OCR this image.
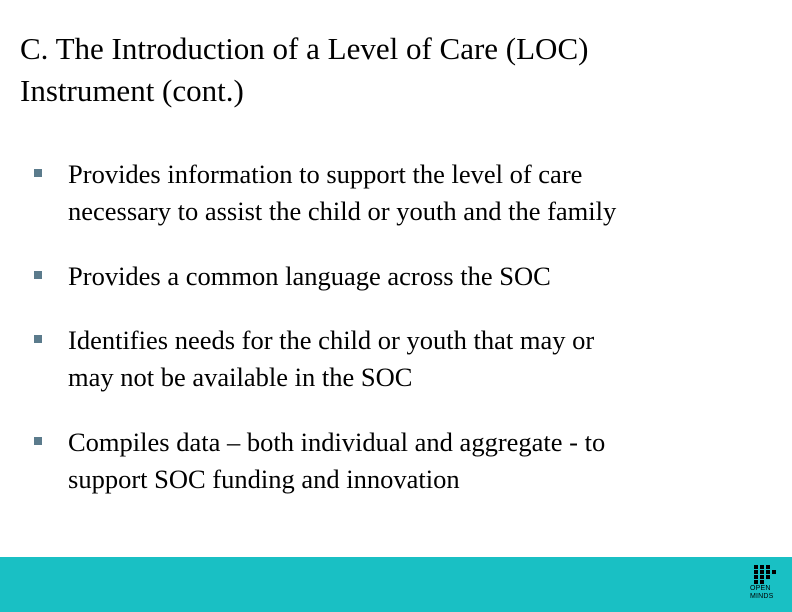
C. The Introduction of a Level of Care (LOC)
Instrument (cont.)
Provides information to support the level of care
necessary to assist the child or youth and the family
Provides a common language across the SOC
Identifies needs for the child or youth that may or
may not be available in the SOC
Compiles data – both individual and aggregate - to
support SOC funding and innovation
OPEN
MINDS
